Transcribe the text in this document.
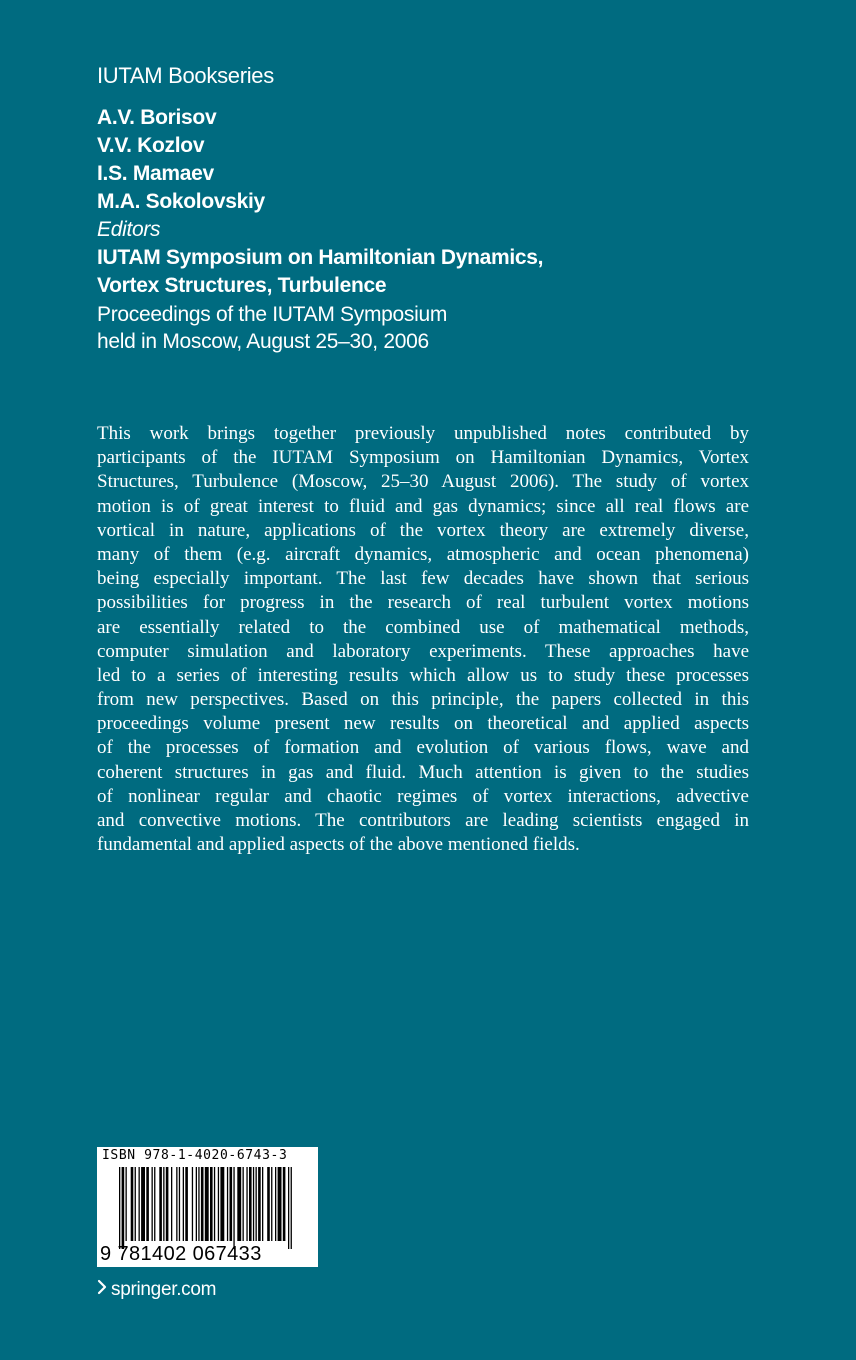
IUTAM Bookseries
A.V. Borisov
V.V. Kozlov
I.S. Mamaev
M.A. Sokolovskiy
Editors
IUTAM Symposium on Hamiltonian Dynamics,
Vortex Structures, Turbulence
Proceedings of the IUTAM Symposium
held in Moscow, August 25–30, 2006
This work brings together previously unpublished notes contributed by
participants of the IUTAM Symposium on Hamiltonian Dynamics, Vortex
Structures, Turbulence (Moscow, 25–30 August 2006). The study of vortex
motion is of great interest to fluid and gas dynamics; since all real flows are
vortical in nature, applications of the vortex theory are extremely diverse,
many of them (e.g. aircraft dynamics, atmospheric and ocean phenomena)
being especially important. The last few decades have shown that serious
possibilities for progress in the research of real turbulent vortex motions
are essentially related to the combined use of mathematical methods,
computer simulation and laboratory experiments. These approaches have
led to a series of interesting results which allow us to study these processes
from new perspectives. Based on this principle, the papers collected in this
proceedings volume present new results on theoretical and applied aspects
of the processes of formation and evolution of various flows, wave and
coherent structures in gas and fluid. Much attention is given to the studies
of nonlinear regular and chaotic regimes of vortex interactions, advective
and convective motions. The contributors are leading scientists engaged in
fundamental and applied aspects of the above mentioned fields.
ISBN 978-1-4020-6743-3
9 781402 067433
springer.com
